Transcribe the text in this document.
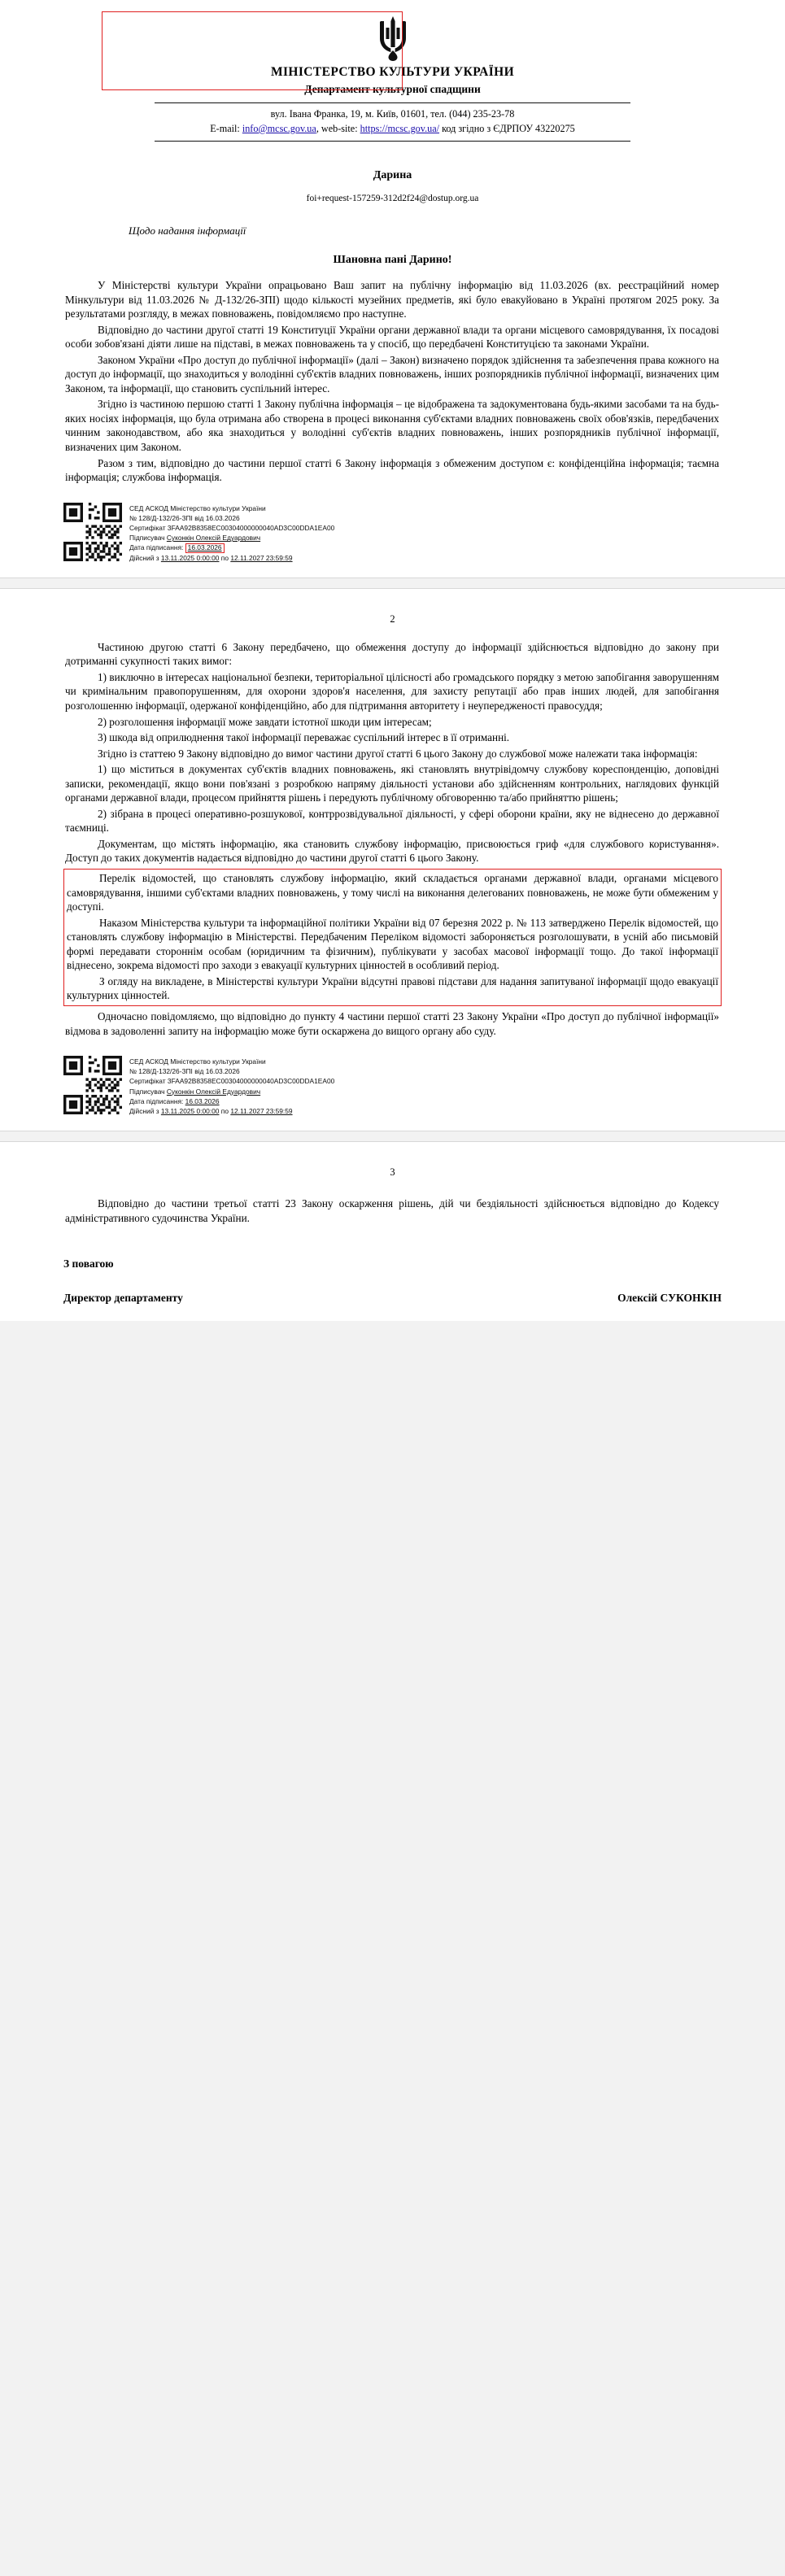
МІНІСТЕРСТВО КУЛЬТУРИ УКРАЇНИ
Департамент культурної спадщини
вул. Івана Франка, 19, м. Київ, 01601, тел. (044) 235-23-78
E-mail: info@mcsc.gov.ua, web-site: https://mcsc.gov.ua/ код згідно з ЄДРПОУ 43220275
Дарина
foi+request-157259-312d2f24@dostup.org.ua
Щодо надання інформації
Шановна пані Дарино!

У Міністерстві культури України опрацьовано Ваш запит на публічну інформацію від 11.03.2026 (вх. реєстраційний номер Мінкультури від 11.03.2026 № Д-132/26-ЗПІ) щодо кількості музейних предметів, які було евакуйовано в Україні протягом 2025 року. За результатами розгляду, в межах повноважень, повідомляємо про наступне.

Відповідно до частини другої статті 19 Конституції України органи державної влади та органи місцевого самоврядування, їх посадові особи зобов'язані діяти лише на підставі, в межах повноважень та у спосіб, що передбачені Конституцією та законами України.

Законом України «Про доступ до публічної інформації» (далі – Закон) визначено порядок здійснення та забезпечення права кожного на доступ до інформації, що знаходиться у володінні суб'єктів владних повноважень, інших розпорядників публічної інформації, визначених цим Законом, та інформації, що становить суспільний інтерес.

Згідно із частиною першою статті 1 Закону публічна інформація – це відображена та задокументована будь-якими засобами та на будь-яких носіях інформація, що була отримана або створена в процесі виконання суб'єктами владних повноважень своїх обов'язків, передбачених чинним законодавством, або яка знаходиться у володінні суб'єктів владних повноважень, інших розпорядників публічної інформації, визначених цим Законом.

Разом з тим, відповідно до частини першої статті 6 Закону інформація з обмеженим доступом є: конфіденційна інформація; таємна інформація; службова інформація.

СЕД АСКОД Міністерство культури України
№ 128/Д-132/26-ЗПІ від 16.03.2026
Сертифікат 3FAA92B8358EC00304000000040AD3C00DDA1EA00
Підписувач Суконкін Олексій Едуардович
Дата підписання: 16.03.2026
Дійсний з 13.11.2025 0:00:00 по 12.11.2027 23:59:59
2

Частиною другою статті 6 Закону передбачено, що обмеження доступу до інформації здійснюється відповідно до закону при дотриманні сукупності таких вимог:

1) виключно в інтересах національної безпеки, територіальної цілісності або громадського порядку з метою запобігання заворушенням чи кримінальним правопорушенням, для охорони здоров'я населення, для захисту репутації або прав інших людей, для запобігання розголошенню інформації, одержаної конфіденційно, або для підтримання авторитету і неупередженості правосуддя;

2) розголошення інформації може завдати істотної шкоди цим інтересам;

3) шкода від оприлюднення такої інформації переважає суспільний інтерес в її отриманні.

Згідно із статтею 9 Закону відповідно до вимог частини другої статті 6 цього Закону до службової може належати така інформація:

1) що міститься в документах суб'єктів владних повноважень, які становлять внутрівідомчу службову кореспонденцію, доповідні записки, рекомендації, якщо вони пов'язані з розробкою напряму діяльності установи або здійсненням контрольних, наглядових функцій органами державної влади, процесом прийняття рішень і передують публічному обговоренню та/або прийняттю рішень;

2) зібрана в процесі оперативно-розшукової, контррозвідувальної діяльності, у сфері оборони країни, яку не віднесено до державної таємниці.

Документам, що містять інформацію, яка становить службову інформацію, присвоюється гриф «для службового користування». Доступ до таких документів надається відповідно до частини другої статті 6 цього Закону.

Перелік відомостей, що становлять службову інформацію, який складається органами державної влади, органами місцевого самоврядування, іншими суб'єктами владних повноважень, у тому числі на виконання делегованих повноважень, не може бути обмеженим у доступі.

Наказом Міністерства культури та інформаційної політики України від 07 березня 2022 р. № 113 затверджено Перелік відомостей, що становлять службову інформацію в Міністерстві. Передбаченим Переліком відомості забороняється розголошувати, в усній або письмовій формі передавати стороннім особам (юридичним та фізичним), публікувати у засобах масової інформації тощо. До такої інформації віднесено, зокрема відомості про заходи з евакуації культурних цінностей в особливий період.

З огляду на викладене, в Міністерстві культури України відсутні правові підстави для надання запитуваної інформації щодо евакуації культурних цінностей.

Одночасно повідомляємо, що відповідно до пункту 4 частини першої статті 23 Закону України «Про доступ до публічної інформації» відмова в задоволенні запиту на інформацію може бути оскаржена до вищого органу або суду.

СЕД АСКОД Міністерство культури України
№ 128/Д-132/26-ЗПІ від 16.03.2026
Сертифікат 3FAA92B8358EC00304000000040AD3C00DDA1EA00
Підписувач Суконкін Олексій Едуардович
Дата підписання: 16.03.2026
Дійсний з 13.11.2025 0:00:00 по 12.11.2027 23:59:59
3

Відповідно до частини третьої статті 23 Закону оскарження рішень, дій чи бездіяльності здійснюється відповідно до Кодексу адміністративного судочинства України.

З повагою
Директор департаменту	Олексій СУКОНКІН
